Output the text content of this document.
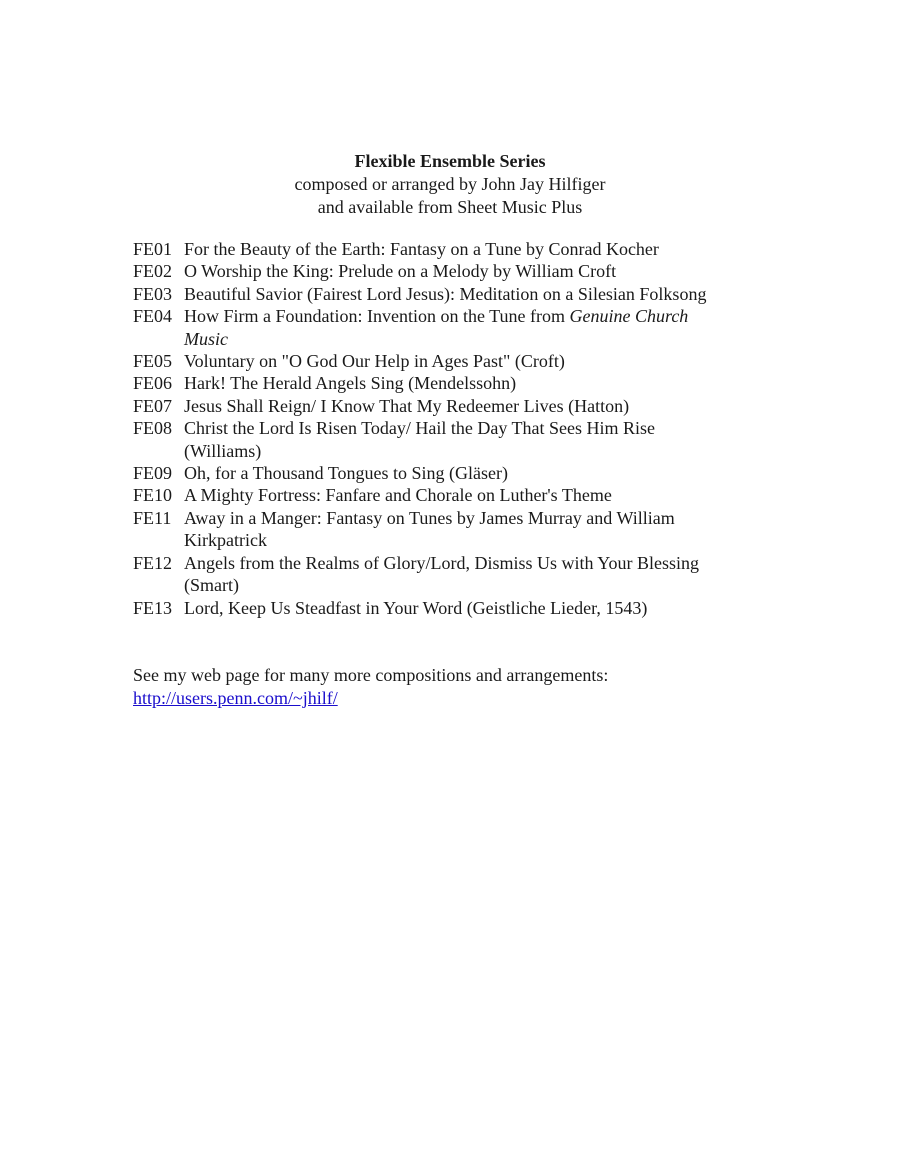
Flexible Ensemble Series
composed or arranged by John Jay Hilfiger
and available from Sheet Music Plus
FE01 For the Beauty of the Earth: Fantasy on a Tune by Conrad Kocher
FE02 O Worship the King: Prelude on a Melody by William Croft
FE03 Beautiful Savior (Fairest Lord Jesus): Meditation on a Silesian Folksong
FE04 How Firm a Foundation: Invention on the Tune from Genuine Church
Music
FE05 Voluntary on "O God Our Help in Ages Past" (Croft)
FE06 Hark! The Herald Angels Sing (Mendelssohn)
FE07 Jesus Shall Reign/ I Know That My Redeemer Lives (Hatton)
FE08 Christ the Lord Is Risen Today/ Hail the Day That Sees Him Rise
(Williams)
FE09 Oh, for a Thousand Tongues to Sing (Gläser)
FE10 A Mighty Fortress: Fanfare and Chorale on Luther's Theme
FE11 Away in a Manger: Fantasy on Tunes by James Murray and William
Kirkpatrick
FE12 Angels from the Realms of Glory/Lord, Dismiss Us with Your Blessing
(Smart)
FE13 Lord, Keep Us Steadfast in Your Word (Geistliche Lieder, 1543)
See my web page for many more compositions and arrangements:
http://users.penn.com/~jhilf/
